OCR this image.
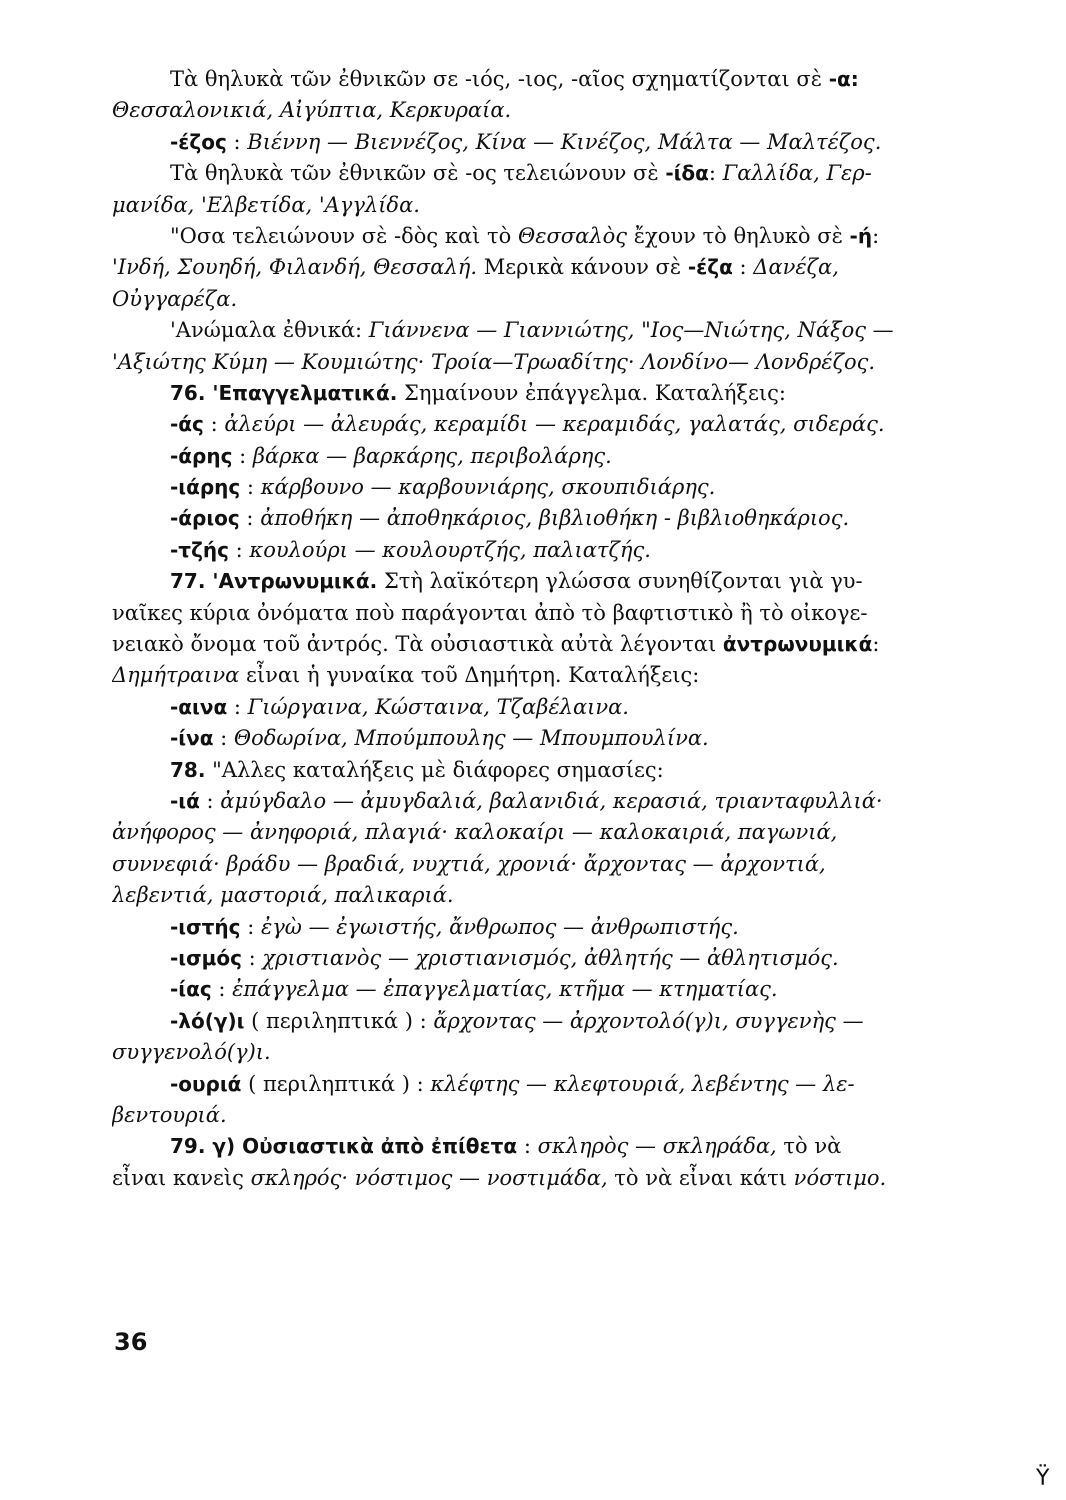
Τὰ θηλυκὰ τῶν ἐθνικῶν σε -ιός, -ιος, -αῖος σχηματίζονται σὲ -α:
Θεσσαλονικιά, Αἰγύπτια, Κερκυραία.
-έζος : Βιέννη — Βιεννέζος, Κίνα — Κινέζος, Μάλτα — Μαλτέζος.
Τὰ θηλυκὰ τῶν ἐθνικῶν σὲ -ος τελειώνουν σὲ -ίδα: Γαλλίδα, Γερ-
μανίδα, 'Ελβετίδα, 'Αγγλίδα.
"Οσα τελειώνουν σὲ -δὸς καὶ τὸ Θεσσαλὸς ἔχουν τὸ θηλυκὸ σὲ -ή:
'Ινδή, Σουηδή, Φιλανδή, Θεσσαλή. Μερικὰ κάνουν σὲ -έζα : Δανέζα,
Οὐγγαρέζα.
'Ανώμαλα ἐθνικά: Γιάννενα — Γιαννιώτης, "Ιος—Νιώτης, Νάξος —
'Αξιώτης Κύμη — Κουμιώτης· Τροία—Τρωαδίτης· Λονδίνο— Λονδρέζος.
76. 'Επαγγελματικά. Σημαίνουν ἐπάγγελμα. Καταλήξεις:
-άς : ἀλεύρι — ἀλευράς, κεραμίδι — κεραμιδάς, γαλατάς, σιδεράς.
-άρης : βάρκα — βαρκάρης, περιβολάρης.
-ιάρης : κάρβουνο — καρβουνιάρης, σκουπιδιάρης.
-άριος : ἀποθήκη — ἀποθηκάριος, βιβλιοθήκη - βιβλιοθηκάριος.
-τζής : κουλούρι — κουλουρτζής, παλιατζής.
77. 'Αντρωνυμικά. Στὴ λαϊκότερη γλώσσα συνηθίζονται γιὰ γυ-
ναῖκες κύρια ὀνόματα ποὺ παράγονται ἀπὸ τὸ βαφτιστικὸ ἢ τὸ οἰκογε-
νειακὸ ὄνομα τοῦ ἀντρός. Τὰ οὐσιαστικὰ αὐτὰ λέγονται ἀντρωνυμικά:
Δημήτραινα εἶναι ἡ γυναίκα τοῦ Δημήτρη. Καταλήξεις:
-αινα : Γιώργαινα, Κώσταινα, Τζαβέλαινα.
-ίνα : Θοδωρίνα, Μπούμπουλης — Μπουμπουλίνα.
78. "Αλλες καταλήξεις μὲ διάφορες σημασίες:
-ιά : ἀμύγδαλο — ἀμυγδαλιά, βαλανιδιά, κερασιά, τριανταφυλλιά·
ἀνήφορος — ἀνηφοριά, πλαγιά· καλοκαίρι — καλοκαιριά, παγωνιά,
συννεφιά· βράδυ — βραδιά, νυχτιά, χρονιά· ἄρχοντας — ἀρχοντιά,
λεβεντιά, μαστοριά, παλικαριά.
-ιστής : ἐγὼ — ἐγωιστής, ἄνθρωπος — ἀνθρωπιστής.
-ισμός : χριστιανὸς — χριστιανισμός, ἀθλητής — ἀθλητισμός.
-ίας : ἐπάγγελμα — ἐπαγγελματίας, κτῆμα — κτηματίας.
-λό(γ)ι ( περιληπτικά ) : ἄρχοντας — ἀρχοντολό(γ)ι, συγγενὴς —
συγγενολό(γ)ι.
-ουριά ( περιληπτικά ) : κλέφτης — κλεφτουριά, λεβέντης — λε-
βεντουριά.
79. γ) Οὐσιαστικὰ ἀπὸ ἐπίθετα : σκληρὸς — σκληράδα, τὸ νὰ
εἶναι κανεὶς σκληρός· νόστιμος — νοστιμάδα, τὸ νὰ εἶναι κάτι νόστιμο.
36
Ϋ
